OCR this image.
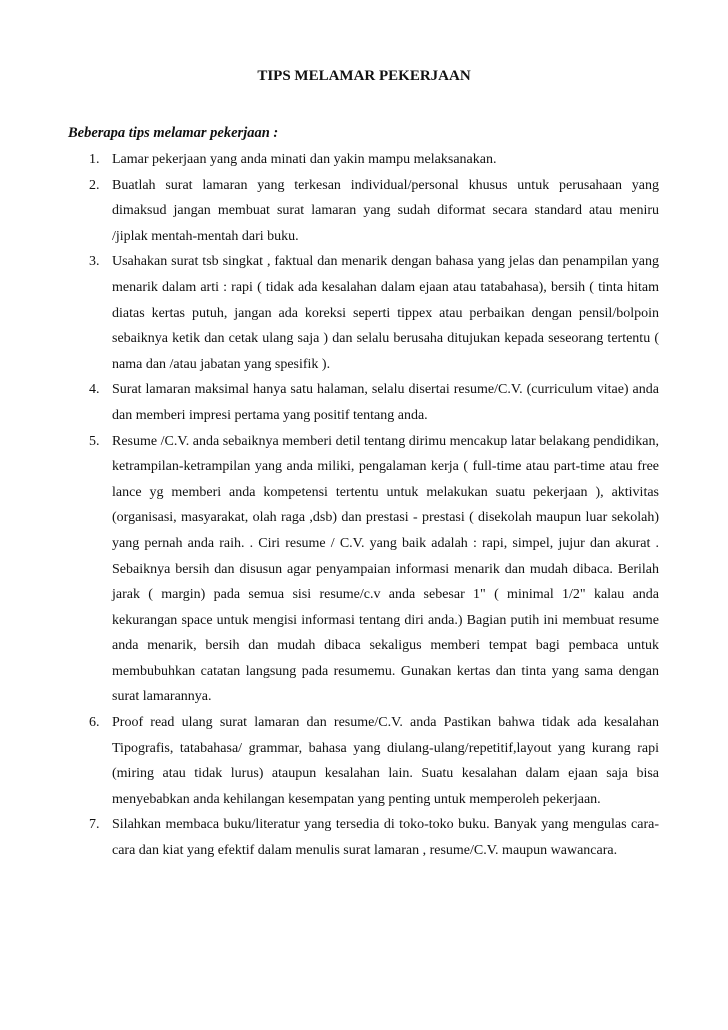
TIPS MELAMAR PEKERJAAN
Beberapa tips melamar pekerjaan :
1. Lamar pekerjaan yang anda minati dan yakin mampu melaksanakan.
2. Buatlah surat lamaran yang terkesan individual/personal khusus untuk perusahaan yang dimaksud jangan membuat surat lamaran yang sudah diformat secara standard atau meniru /jiplak mentah-mentah dari buku.
3. Usahakan surat tsb singkat , faktual dan menarik dengan bahasa yang jelas dan penampilan yang menarik dalam arti : rapi ( tidak ada kesalahan dalam ejaan atau tatabahasa), bersih ( tinta hitam diatas kertas putuh, jangan ada koreksi seperti tippex atau perbaikan dengan pensil/bolpoin sebaiknya ketik dan cetak ulang saja ) dan selalu berusaha ditujukan kepada seseorang tertentu ( nama dan /atau jabatan yang spesifik ).
4. Surat lamaran maksimal hanya satu halaman, selalu disertai resume/C.V. (curriculum vitae) anda dan memberi impresi pertama yang positif tentang anda.
5. Resume /C.V. anda sebaiknya memberi detil tentang dirimu mencakup latar belakang pendidikan, ketrampilan-ketrampilan yang anda miliki, pengalaman kerja ( full-time atau part-time atau free lance yg memberi anda kompetensi tertentu untuk melakukan suatu pekerjaan ), aktivitas (organisasi, masyarakat, olah raga ,dsb) dan prestasi - prestasi ( disekolah maupun luar sekolah) yang pernah anda raih. . Ciri resume / C.V. yang baik adalah : rapi, simpel, jujur dan akurat . Sebaiknya bersih dan disusun agar penyampaian informasi menarik dan mudah dibaca. Berilah jarak ( margin) pada semua sisi resume/c.v anda sebesar 1" ( minimal 1/2" kalau anda kekurangan space untuk mengisi informasi tentang diri anda.) Bagian putih ini membuat resume anda menarik, bersih dan mudah dibaca sekaligus memberi tempat bagi pembaca untuk membubuhkan catatan langsung pada resumemu. Gunakan kertas dan tinta yang sama dengan surat lamarannya.
6. Proof read ulang surat lamaran dan resume/C.V. anda Pastikan bahwa tidak ada kesalahan Tipografis, tatabahasa/ grammar, bahasa yang diulang-ulang/repetitif,layout yang kurang rapi (miring atau tidak lurus) ataupun kesalahan lain. Suatu kesalahan dalam ejaan saja bisa menyebabkan anda kehilangan kesempatan yang penting untuk memperoleh pekerjaan.
7. Silahkan membaca buku/literatur yang tersedia di toko-toko buku. Banyak yang mengulas cara-cara dan kiat yang efektif dalam menulis surat lamaran , resume/C.V. maupun wawancara.
